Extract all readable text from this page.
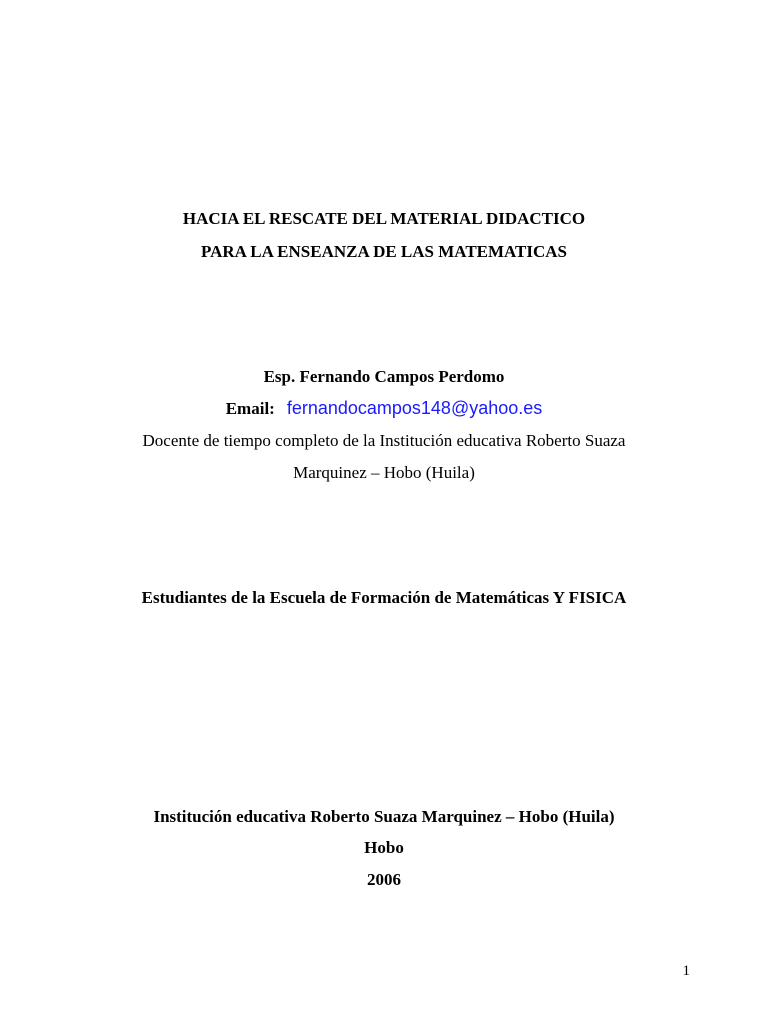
HACIA EL RESCATE DEL MATERIAL DIDACTICO
PARA LA ENSEANZA DE LAS MATEMATICAS
Esp. Fernando Campos Perdomo
Email: fernandocampos148@yahoo.es
Docente de tiempo completo de la Institución educativa Roberto Suaza
Marquinez – Hobo (Huila)
Estudiantes de la Escuela de Formación de Matemáticas Y FISICA
Institución educativa Roberto Suaza Marquinez – Hobo (Huila)
Hobo
2006
1
